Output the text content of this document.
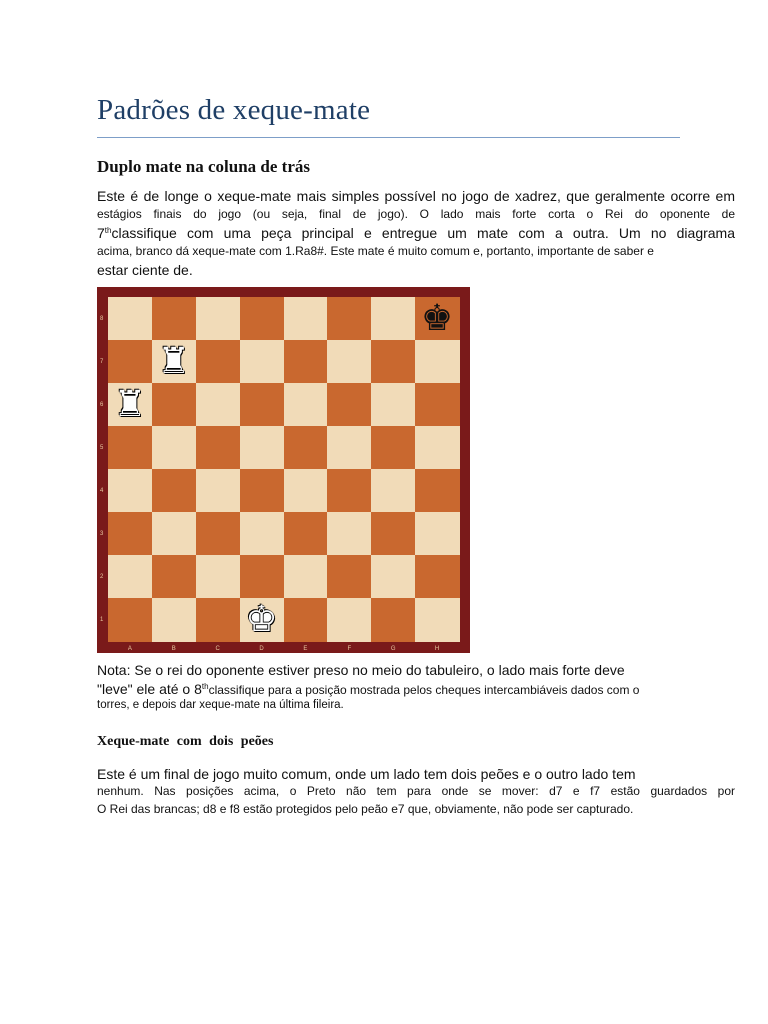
Padrões de xeque-mate
Duplo mate na coluna de trás

Este é de longe o xeque-mate mais simples possível no jogo de xadrez, que geralmente ocorre em

estágios finais do jogo (ou seja, final de jogo). O lado mais forte corta o Rei do oponente de

7thclassifique com uma peça principal e entregue um mate com a outra. Um no diagrama

acima, branco dá xeque-mate com 1.Ra8#. Este mate é muito comum e, portanto, importante de saber e

estar ciente de.

♚
♜
♜
♚
A	B	C	D	E	F	G	H
8
7
6
5
4
3
2
1

Nota: Se o rei do oponente estiver preso no meio do tabuleiro, o lado mais forte deve

"leve" ele até o 8thclassifique para a posição mostrada pelos cheques intercambiáveis dados com o

torres, e depois dar xeque-mate na última fileira.

Xeque-mate com dois peões

Este é um final de jogo muito comum, onde um lado tem dois peões e o outro lado tem

nenhum. Nas posições acima, o Preto não tem para onde se mover: d7 e f7 estão guardados por

O Rei das brancas; d8 e f8 estão protegidos pelo peão e7 que, obviamente, não pode ser capturado.
